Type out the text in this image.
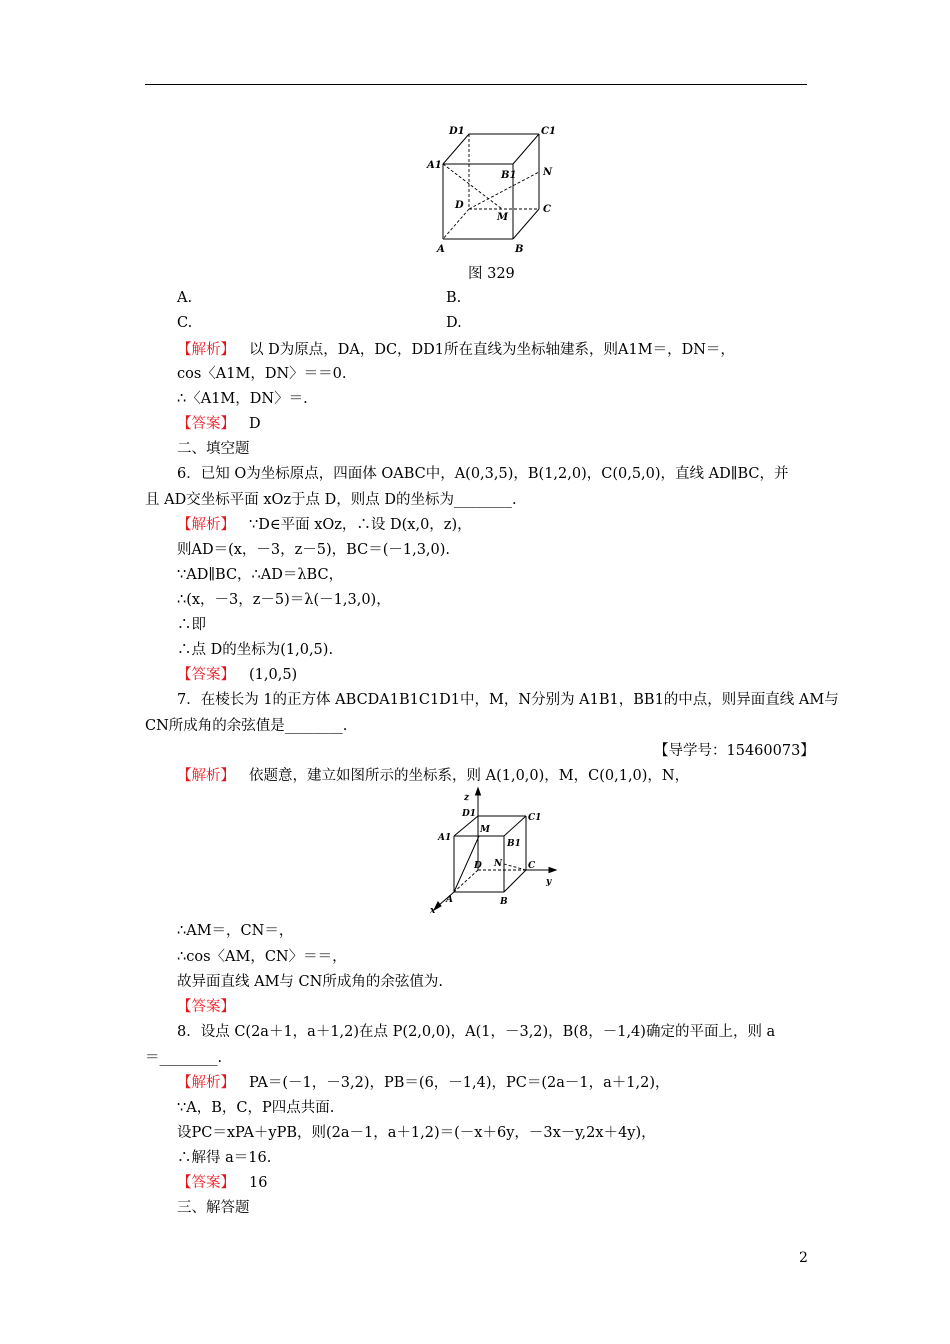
D1	C1
A1
B1	N
D	C
M
A	B
图 329
A.	B.
C.	D.
【解析】 以 D为原点，DA，DC，DD1所在直线为坐标轴建系，则A1M＝，DN＝，
cos〈A1M，DN〉＝＝0.
∴〈A1M，DN〉＝.
【答案】 D
二、填空题
6．已知 O为坐标原点，四面体 OABC中，A(0,3,5)，B(1,2,0)，C(0,5,0)，直线 AD∥BC，并
且 AD交坐标平面 xOz于点 D，则点 D的坐标为________.
【解析】 ∵D∈平面 xOz，∴设 D(x,0，z)，
则AD＝(x，－3，z－5)，BC＝(－1,3,0).
∵AD∥BC，∴AD＝λBC，
∴(x，－3，z－5)＝λ(－1,3,0)，
∴即
∴点 D的坐标为(1,0,5).
【答案】 (1,0,5)
7．在棱长为 1的正方体 ABCDA1B1C1D1中，M，N分别为 A1B1，BB1的中点，则异面直线 AM与
CN所成角的余弦值是________.
【导学号：15460073】
【解析】 依题意，建立如图所示的坐标系，则 A(1,0,0)，M，C(0,1,0)，N，
z
D1
M
C1
A1
B1
D N	C
y
A	B
x
∴AM＝，CN＝，
∴cos〈AM，CN〉＝＝，
故异面直线 AM与 CN所成角的余弦值为.
【答案】
8．设点 C(2a＋1，a＋1,2)在点 P(2,0,0)，A(1，－3,2)，B(8，－1,4)确定的平面上，则 a
＝________.
【解析】 PA＝(－1，－3,2)，PB＝(6，－1,4)，PC＝(2a－1，a＋1,2)，
∵A，B，C，P四点共面.
设PC＝xPA＋yPB，则(2a－1，a＋1,2)＝(－x＋6y，－3x－y,2x＋4y)，
∴解得 a＝16.
【答案】 16
三、解答题
2
